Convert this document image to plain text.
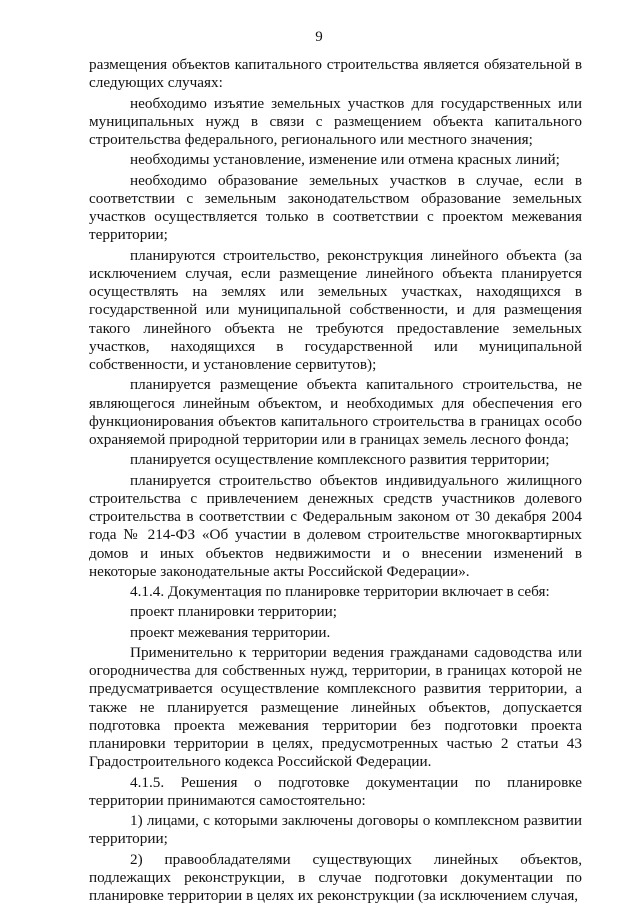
9

размещения объектов капитального строительства является обязательной в следующих случаях:

необходимо изъятие земельных участков для государственных или муниципальных нужд в связи с размещением объекта капитального строительства федерального, регионального или местного значения;

необходимы установление, изменение или отмена красных линий;

необходимо образование земельных участков в случае, если в соответствии с земельным законодательством образование земельных участков осуществляется только в соответствии с проектом межевания территории;

планируются строительство, реконструкция линейного объекта (за исключением случая, если размещение линейного объекта планируется осуществлять на землях или земельных участках, находящихся в государственной или муниципальной собственности, и для размещения такого линейного объекта не требуются предоставление земельных участков, находящихся в государственной или муниципальной собственности, и установление сервитутов);

планируется размещение объекта капитального строительства, не являющегося линейным объектом, и необходимых для обеспечения его функционирования объектов капитального строительства в границах особо охраняемой природной территории или в границах земель лесного фонда;

планируется осуществление комплексного развития территории;

планируется строительство объектов индивидуального жилищного строительства с привлечением денежных средств участников долевого строительства в соответствии с Федеральным законом от 30 декабря 2004 года № 214-ФЗ «Об участии в долевом строительстве многоквартирных домов и иных объектов недвижимости и о внесении изменений в некоторые законодательные акты Российской Федерации».

4.1.4. Документация по планировке территории включает в себя:

проект планировки территории;

проект межевания территории.

Применительно к территории ведения гражданами садоводства или огородничества для собственных нужд, территории, в границах которой не предусматривается осуществление комплексного развития территории, а также не планируется размещение линейных объектов, допускается подготовка проекта межевания территории без подготовки проекта планировки территории в целях, предусмотренных частью 2 статьи 43 Градостроительного кодекса Российской Федерации.

4.1.5. Решения о подготовке документации по планировке территории принимаются самостоятельно:

1) лицами, с которыми заключены договоры о комплексном развитии территории;

2) правообладателями существующих линейных объектов, подлежащих реконструкции, в случае подготовки документации по планировке территории в целях их реконструкции (за исключением случая,
